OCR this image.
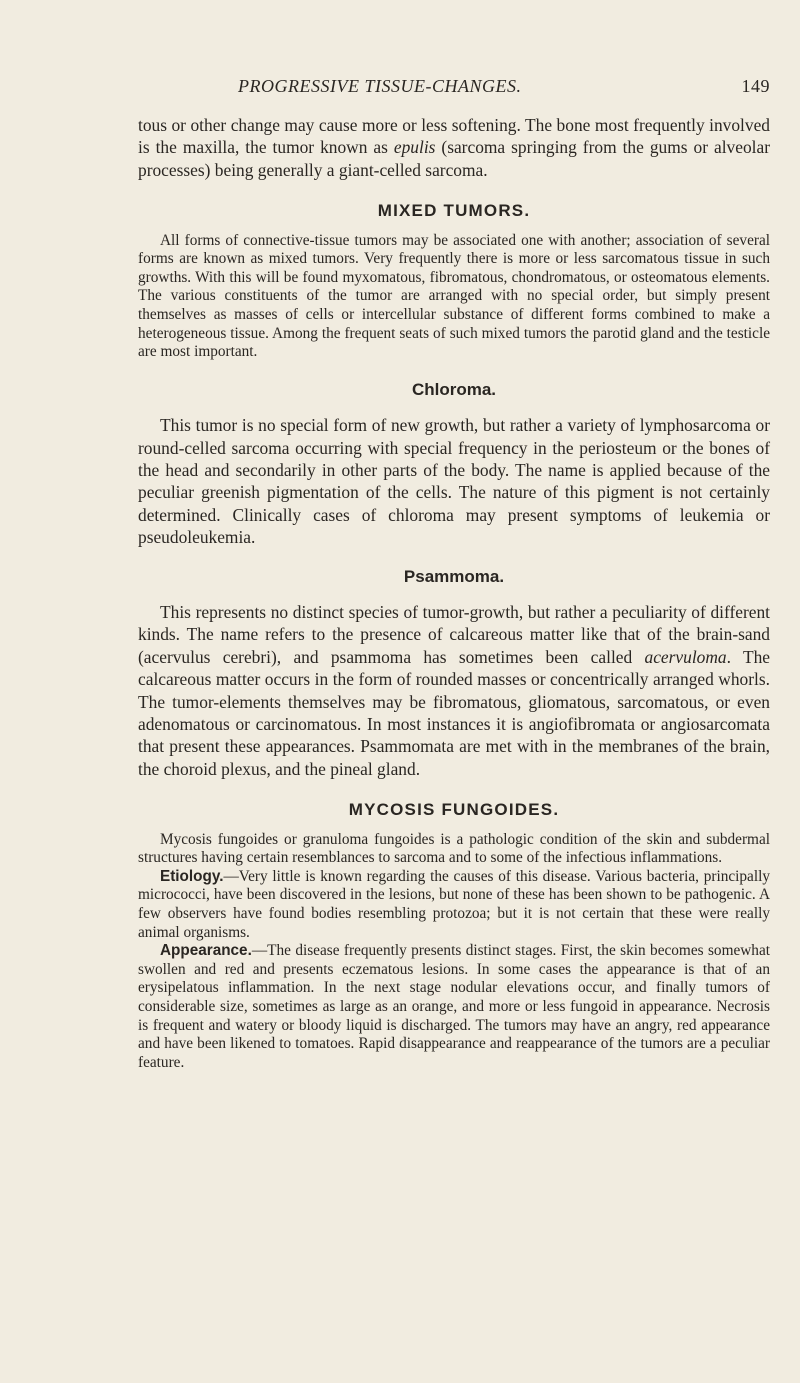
PROGRESSIVE TISSUE-CHANGES.	149

tous or other change may cause more or less softening. The bone most frequently involved is the maxilla, the tumor known as epulis (sarcoma springing from the gums or alveolar processes) being generally a giant-celled sarcoma.

MIXED TUMORS.

All forms of connective-tissue tumors may be associated one with another; association of several forms are known as mixed tumors. Very frequently there is more or less sarcomatous tissue in such growths. With this will be found myxomatous, fibromatous, chondromatous, or osteomatous elements. The various constituents of the tumor are arranged with no special order, but simply present themselves as masses of cells or intercellular substance of different forms combined to make a heterogeneous tissue. Among the frequent seats of such mixed tumors the parotid gland and the testicle are most important.

Chloroma.

This tumor is no special form of new growth, but rather a variety of lymphosarcoma or round-celled sarcoma occurring with special frequency in the periosteum or the bones of the head and secondarily in other parts of the body. The name is applied because of the peculiar greenish pigmentation of the cells. The nature of this pigment is not certainly determined. Clinically cases of chloroma may present symptoms of leukemia or pseudoleukemia.

Psammoma.

This represents no distinct species of tumor-growth, but rather a peculiarity of different kinds. The name refers to the presence of calcareous matter like that of the brain-sand (acervulus cerebri), and psammoma has sometimes been called acervuloma. The calcareous matter occurs in the form of rounded masses or concentrically arranged whorls. The tumor-elements themselves may be fibromatous, gliomatous, sarcomatous, or even adenomatous or carcinomatous. In most instances it is angiofibromata or angiosarcomata that present these appearances. Psammomata are met with in the membranes of the brain, the choroid plexus, and the pineal gland.

MYCOSIS FUNGOIDES.

Mycosis fungoides or granuloma fungoides is a pathologic condition of the skin and subdermal structures having certain resemblances to sarcoma and to some of the infectious inflammations.

Etiology.—Very little is known regarding the causes of this disease. Various bacteria, principally micrococci, have been discovered in the lesions, but none of these has been shown to be pathogenic. A few observers have found bodies resembling protozoa; but it is not certain that these were really animal organisms.

Appearance.—The disease frequently presents distinct stages. First, the skin becomes somewhat swollen and red and presents eczematous lesions. In some cases the appearance is that of an erysipelatous inflammation. In the next stage nodular elevations occur, and finally tumors of considerable size, sometimes as large as an orange, and more or less fungoid in appearance. Necrosis is frequent and watery or bloody liquid is discharged. The tumors may have an angry, red appearance and have been likened to tomatoes. Rapid disappearance and reappearance of the tumors are a peculiar feature.
